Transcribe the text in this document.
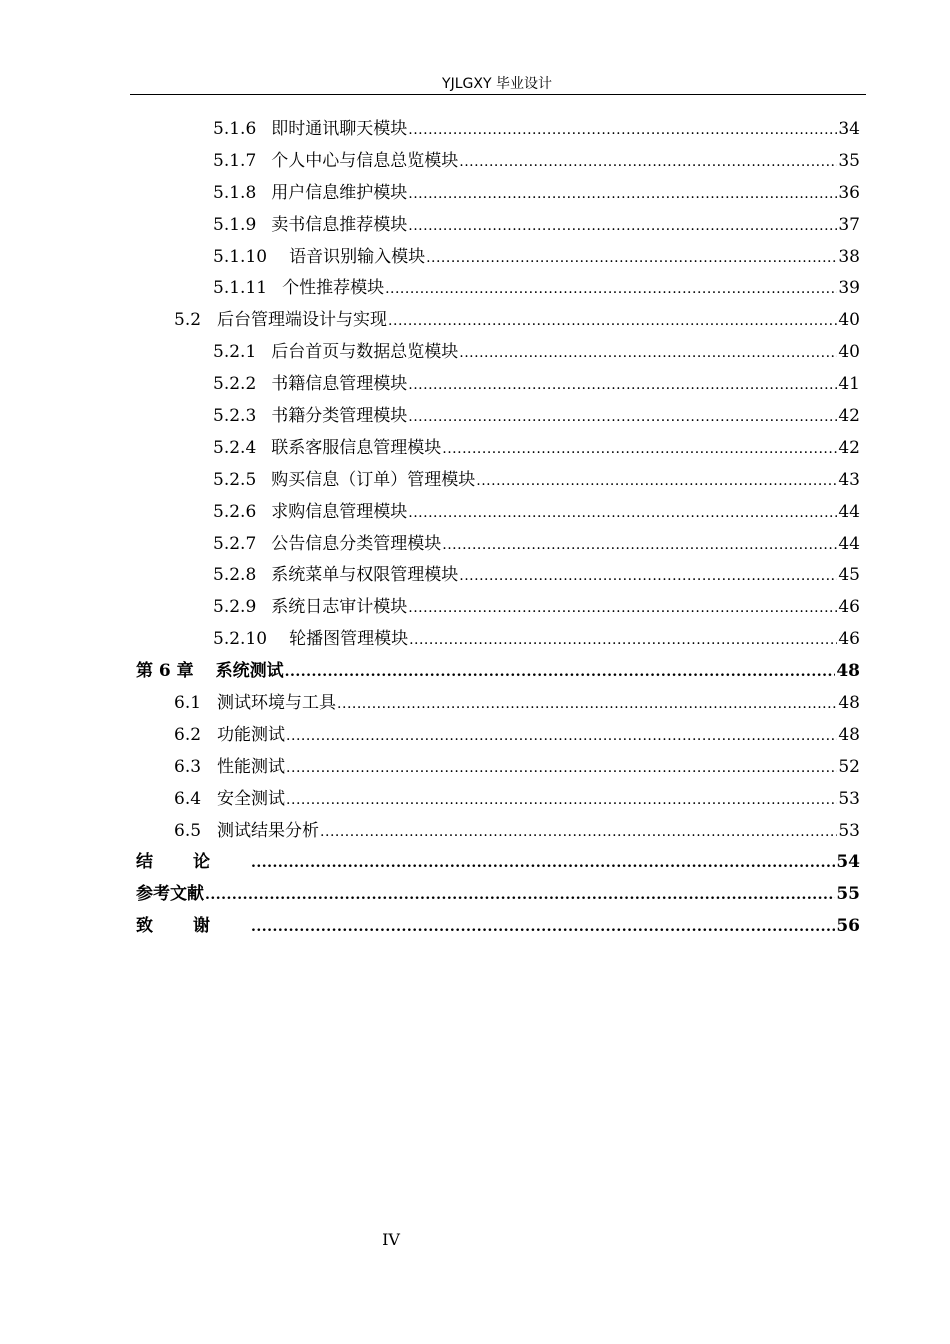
YJLGXY 毕业设计
5.1.6 即时通讯聊天模块 .....	34
5.1.7 个人中心与信息总览模块 .....	35
5.1.8 用户信息维护模块 .....	36
5.1.9 卖书信息推荐模块 .....	37
5.1.10 语音识别输入模块 .....	38
5.1.11 个性推荐模块 .....	39
5.2 后台管理端设计与实现 .....	40
5.2.1 后台首页与数据总览模块 .....	40
5.2.2 书籍信息管理模块 .....	41
5.2.3 书籍分类管理模块 .....	42
5.2.4 联系客服信息管理模块 .....	42
5.2.5 购买信息（订单）管理模块 .....	43
5.2.6 求购信息管理模块 .....	44
5.2.7 公告信息分类管理模块 .....	44
5.2.8 系统菜单与权限管理模块 .....	45
5.2.9 系统日志审计模块 .....	46
5.2.10 轮播图管理模块 .....	46
第 6 章 系统测试 .....	48
6.1 测试环境与工具 .....	48
6.2 功能测试 .....	48
6.3 性能测试 .....	52
6.4 安全测试 .....	53
6.5 测试结果分析 .....	53
结论 .....	54
参考文献 .....	55
致谢 .....	56
IV
